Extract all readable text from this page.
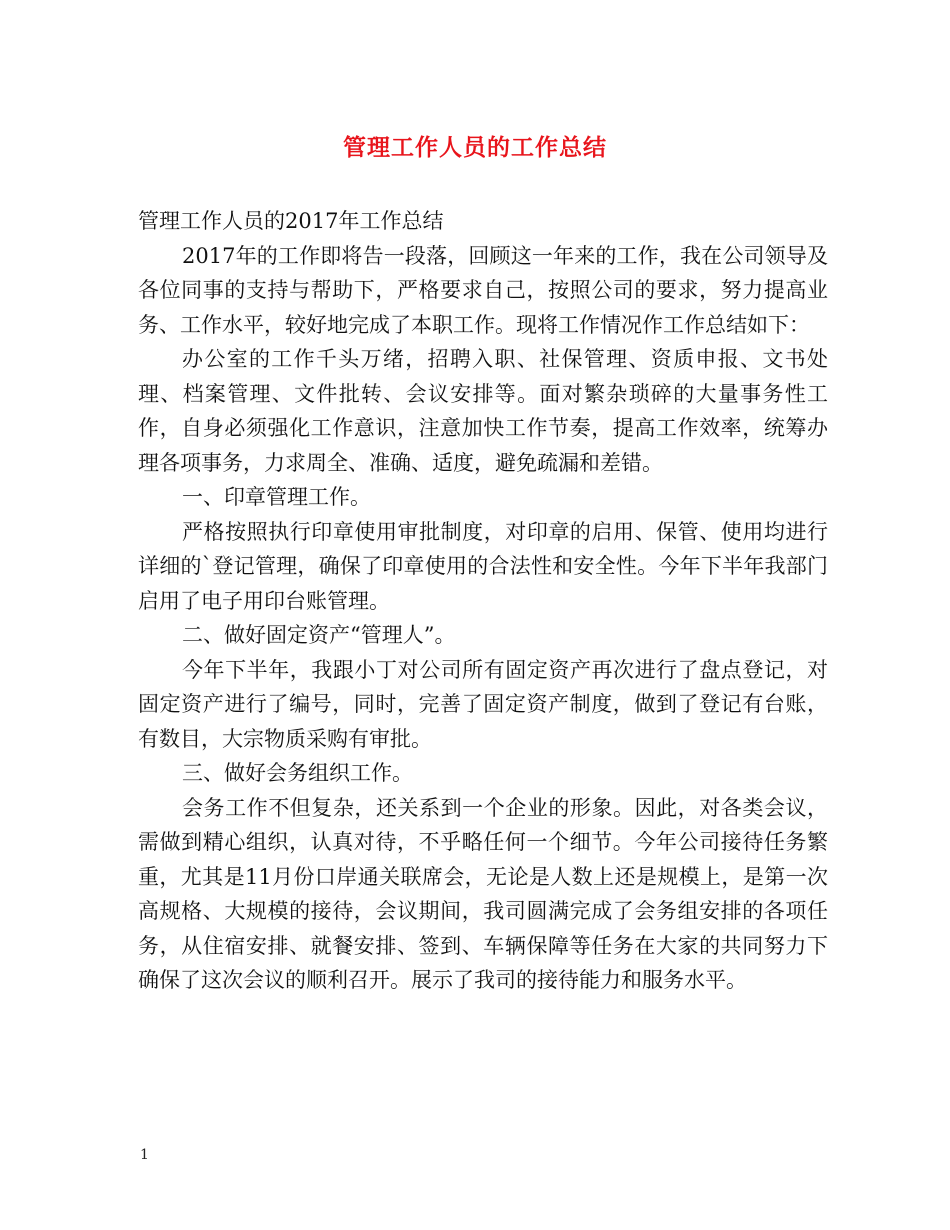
管理工作人员的工作总结

管理工作人员的2017年工作总结

2017年的工作即将告一段落，回顾这一年来的工作，我在公司领导及各位同事的支持与帮助下，严格要求自己，按照公司的要求，努力提高业务、工作水平，较好地完成了本职工作。现将工作情况作工作总结如下：

办公室的工作千头万绪，招聘入职、社保管理、资质申报、文书处理、档案管理、文件批转、会议安排等。面对繁杂琐碎的大量事务性工作，自身必须强化工作意识，注意加快工作节奏，提高工作效率，统筹办理各项事务，力求周全、准确、适度，避免疏漏和差错。

一、印章管理工作。

严格按照执行印章使用审批制度，对印章的启用、保管、使用均进行详细的`登记管理，确保了印章使用的合法性和安全性。今年下半年我部门启用了电子用印台账管理。

二、做好固定资产“管理人”。

今年下半年，我跟小丁对公司所有固定资产再次进行了盘点登记，对固定资产进行了编号，同时，完善了固定资产制度，做到了登记有台账，有数目，大宗物质采购有审批。

三、做好会务组织工作。

会务工作不但复杂，还关系到一个企业的形象。因此，对各类会议，需做到精心组织，认真对待，不乎略任何一个细节。今年公司接待任务繁重，尤其是11月份口岸通关联席会，无论是人数上还是规模上，是第一次高规格、大规模的接待，会议期间，我司圆满完成了会务组安排的各项任务，从住宿安排、就餐安排、签到、车辆保障等任务在大家的共同努力下确保了这次会议的顺利召开。展示了我司的接待能力和服务水平。

1
